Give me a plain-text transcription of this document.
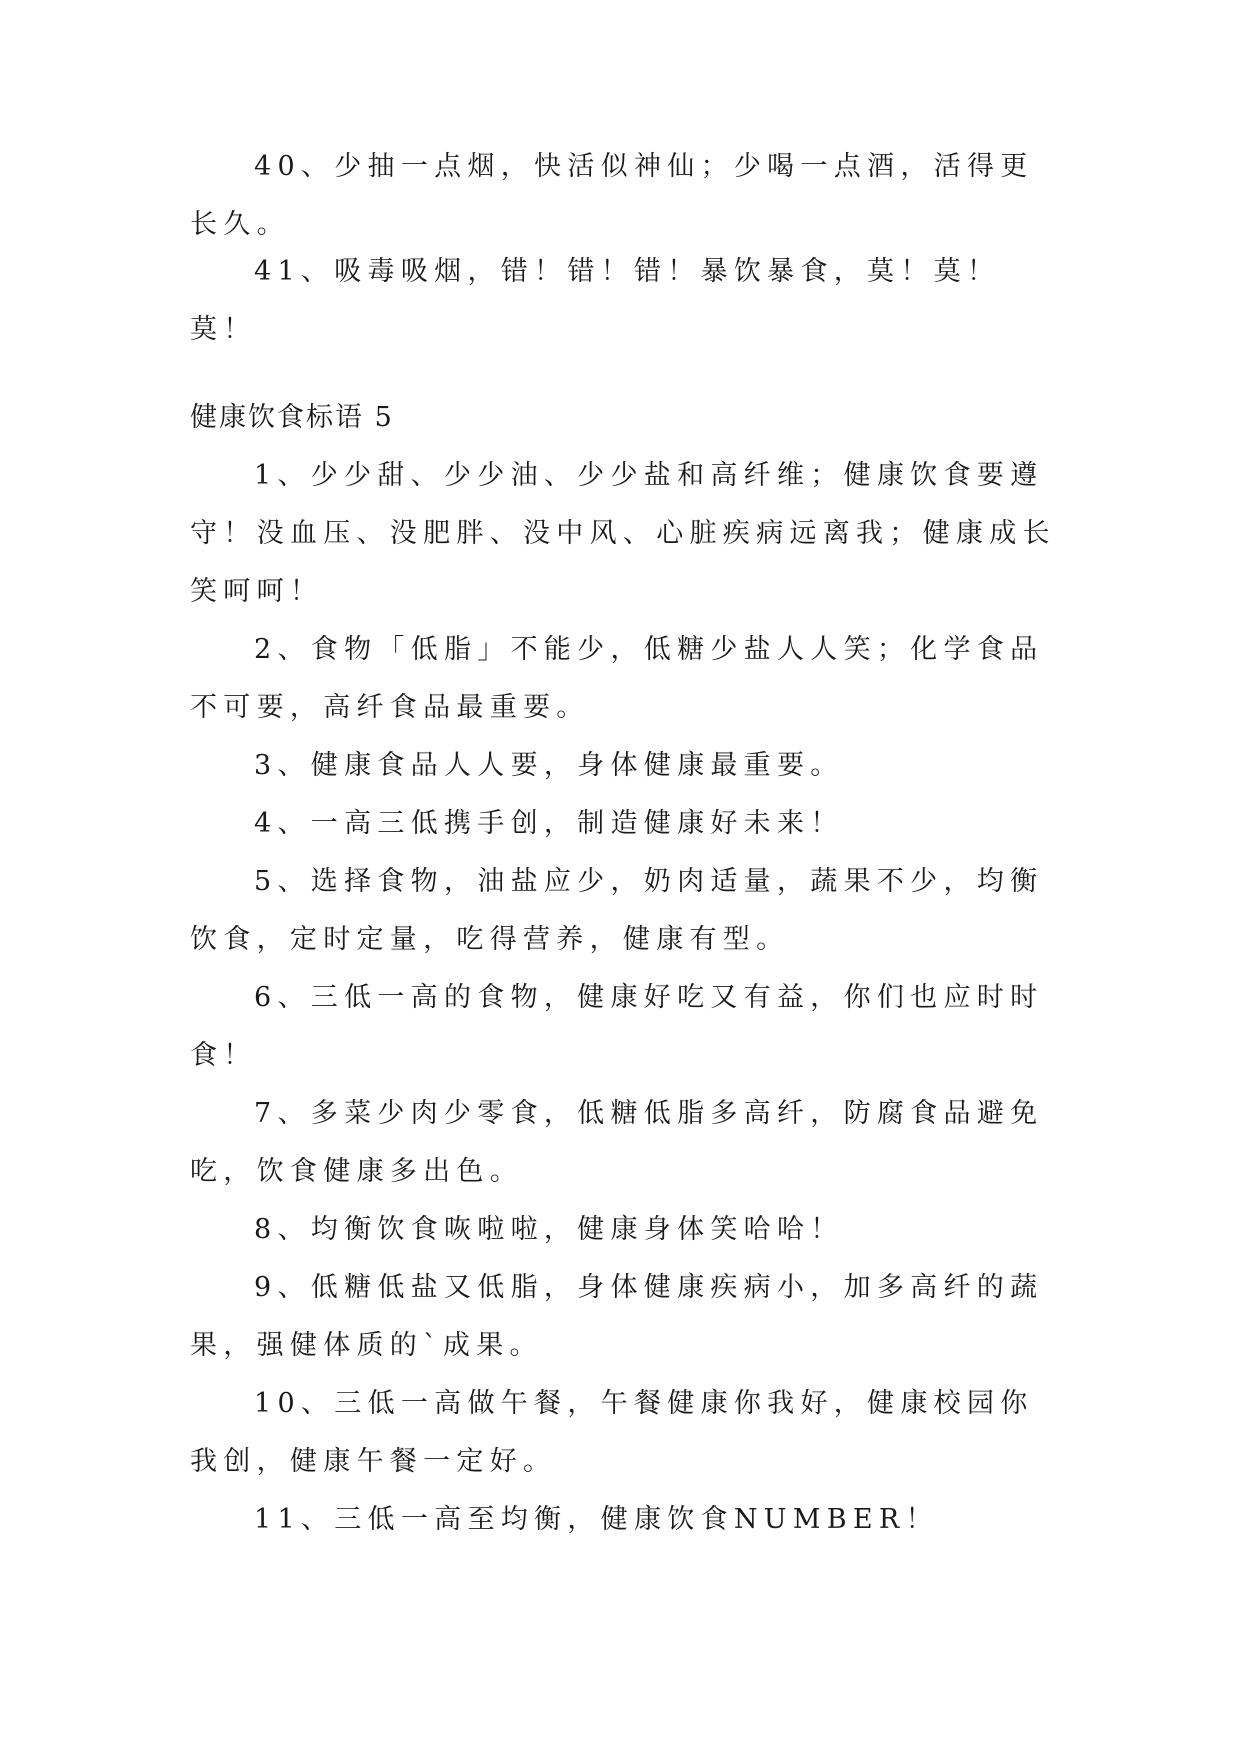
40、少抽一点烟，快活似神仙；少喝一点酒，活得更长久。

41、吸毒吸烟，错！错！错！暴饮暴食，莫！莫！莫！

健康饮食标语 5

1、少少甜、少少油、少少盐和高纤维；健康饮食要遵守！没血压、没肥胖、没中风、心脏疾病远离我；健康成长笑呵呵！

2、食物「低脂」不能少，低糖少盐人人笑；化学食品不可要，高纤食品最重要。

3、健康食品人人要，身体健康最重要。

4、一高三低携手创，制造健康好未来！

5、选择食物，油盐应少，奶肉适量，蔬果不少，均衡饮食，定时定量，吃得营养，健康有型。

6、三低一高的食物，健康好吃又有益，你们也应时时食！

7、多菜少肉少零食，低糖低脂多高纤，防腐食品避免吃，饮食健康多出色。

8、均衡饮食咴啦啦，健康身体笑哈哈！

9、低糖低盐又低脂，身体健康疾病小，加多高纤的蔬果，强健体质的`成果。

10、三低一高做午餐，午餐健康你我好，健康校园你我创，健康午餐一定好。

11、三低一高至均衡，健康饮食NUMBER！
